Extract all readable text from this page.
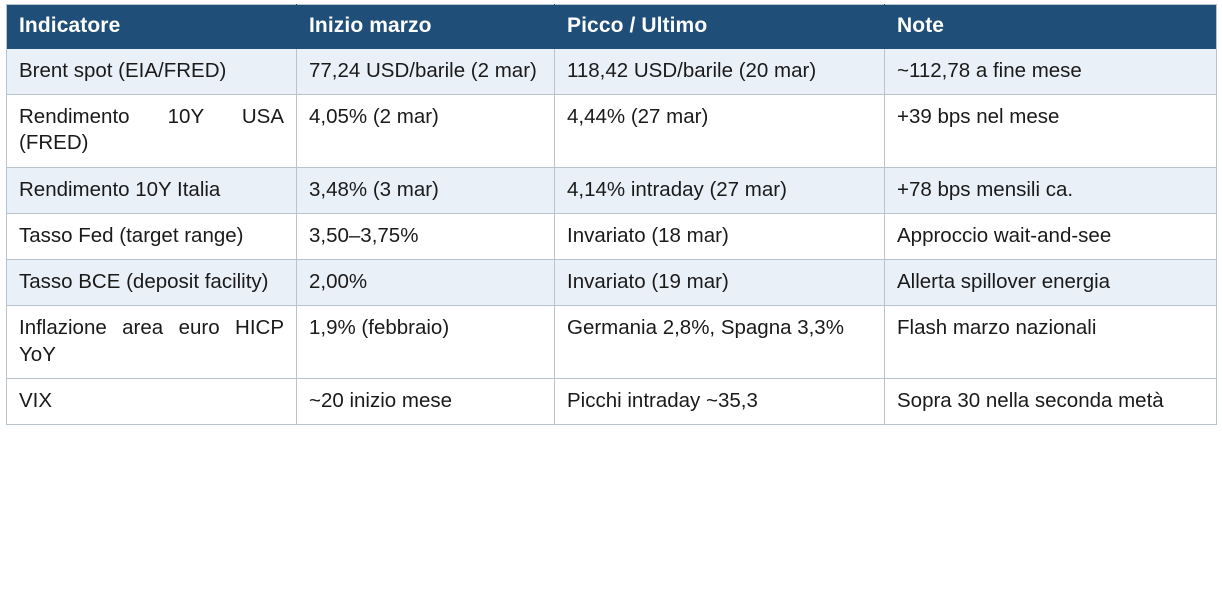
Indicatore	Inizio marzo	Picco / Ultimo	Note
Brent spot (EIA/FRED)	77,24 USD/barile (2 mar)	118,42 USD/barile (20 mar)	~112,78 a fine mese
Rendimento 10Y USA (FRED)	4,05% (2 mar)	4,44% (27 mar)	+39 bps nel mese
Rendimento 10Y Italia	3,48% (3 mar)	4,14% intraday (27 mar)	+78 bps mensili ca.
Tasso Fed (target range)	3,50–3,75%	Invariato (18 mar)	Approccio wait-and-see
Tasso BCE (deposit facility)	2,00%	Invariato (19 mar)	Allerta spillover energia
Inflazione area euro HICP YoY	1,9% (febbraio)	Germania 2,8%, Spagna 3,3%	Flash marzo nazionali
VIX	~20 inizio mese	Picchi intraday ~35,3	Sopra 30 nella seconda metà
